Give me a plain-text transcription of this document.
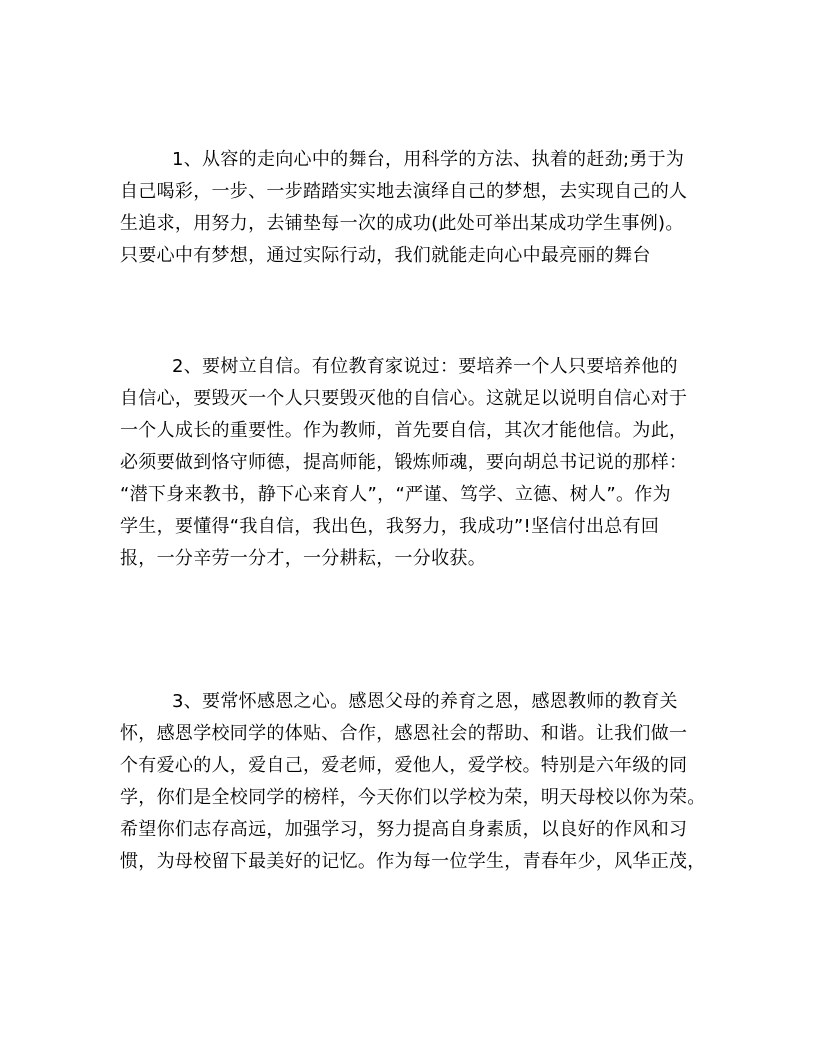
1、从容的走向心中的舞台，用科学的方法、执着的赶劲;勇于为
自己喝彩，一步、一步踏踏实实地去演绎自己的梦想，去实现自己的人
生追求，用努力，去铺垫每一次的成功(此处可举出某成功学生事例)。
只要心中有梦想，通过实际行动，我们就能走向心中最亮丽的舞台
2、要树立自信。有位教育家说过：要培养一个人只要培养他的
自信心，要毁灭一个人只要毁灭他的自信心。这就足以说明自信心对于
一个人成长的重要性。作为教师，首先要自信，其次才能他信。为此，
必须要做到恪守师德，提高师能，锻炼师魂，要向胡总书记说的那样：
“潜下身来教书，静下心来育人”，“严谨、笃学、立德、树人”。作为
学生，要懂得“我自信，我出色，我努力，我成功”!坚信付出总有回
报，一分辛劳一分才，一分耕耘，一分收获。
3、要常怀感恩之心。感恩父母的养育之恩，感恩教师的教育关
怀，感恩学校同学的体贴、合作，感恩社会的帮助、和谐。让我们做一
个有爱心的人，爱自己，爱老师，爱他人，爱学校。特别是六年级的同
学，你们是全校同学的榜样，今天你们以学校为荣，明天母校以你为荣。
希望你们志存高远，加强学习，努力提高自身素质，以良好的作风和习
惯，为母校留下最美好的记忆。作为每一位学生，青春年少，风华正茂，
